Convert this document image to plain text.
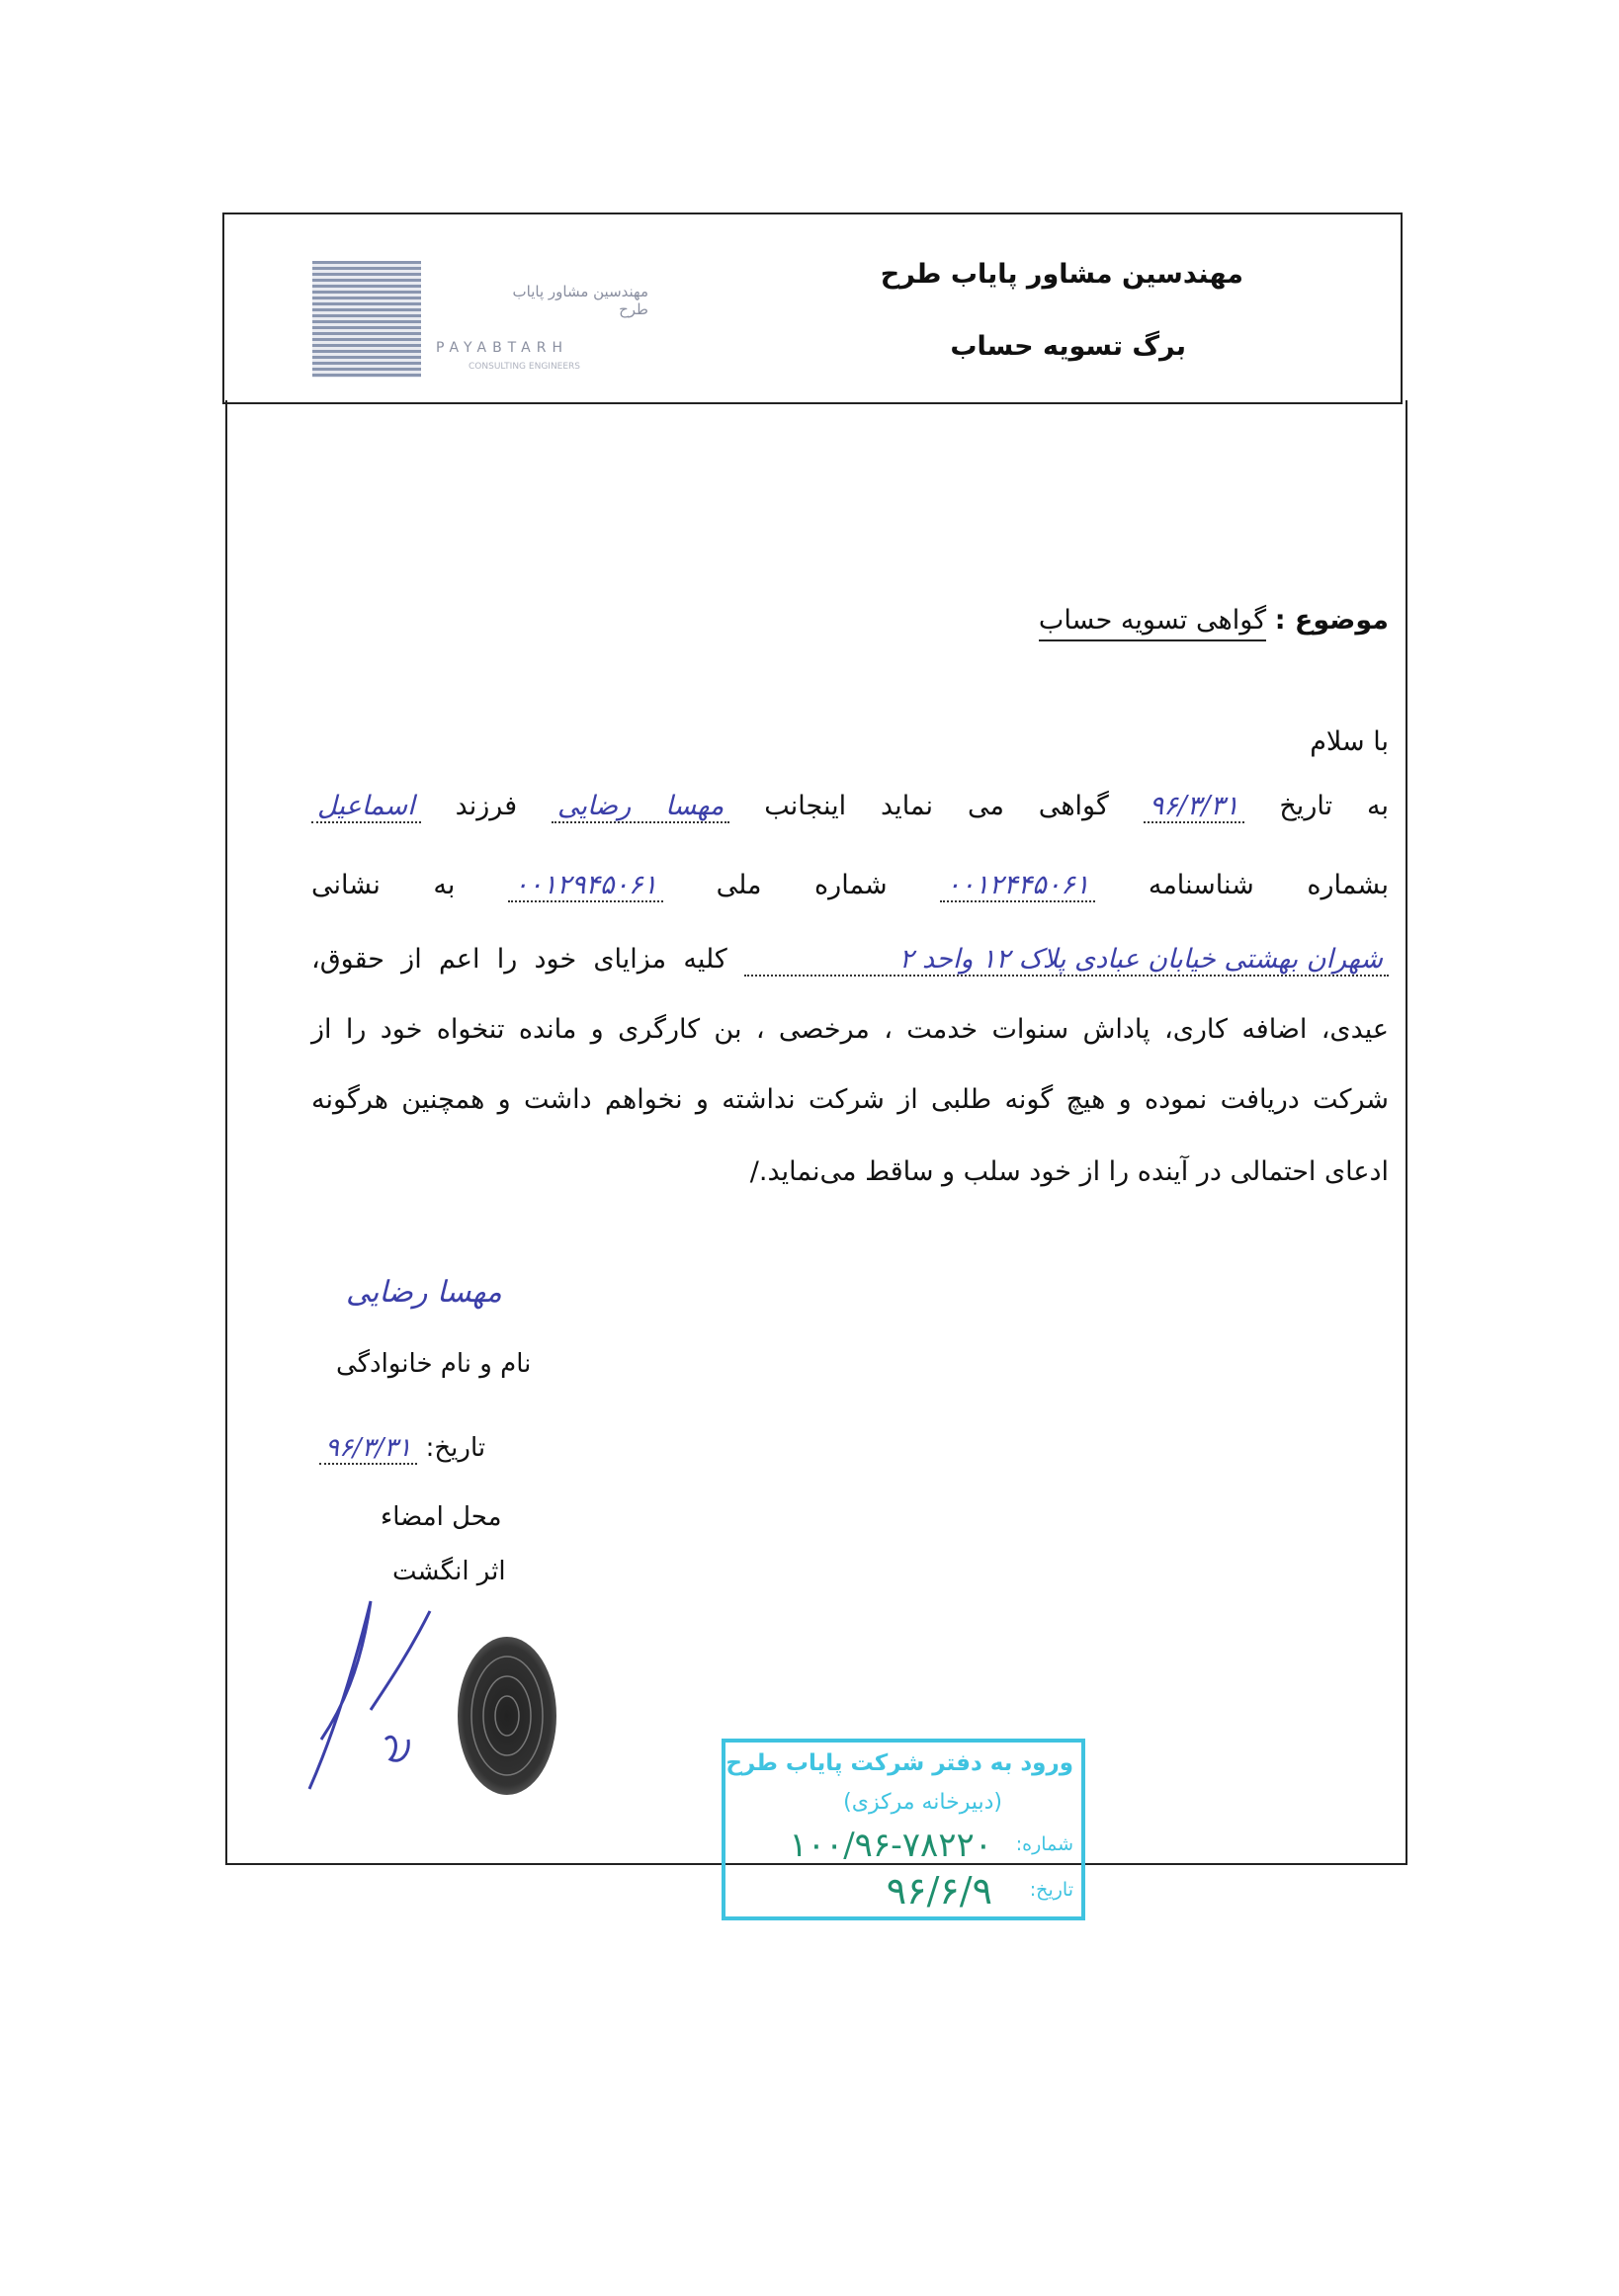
مهندسین مشاور پایاب طرح
برگ تسویه حساب
مهندسین مشاور پایاب طرح
PAYABTARH
CONSULTING ENGINEERS
موضوع : گواهی تسویه حساب
با سلام
به تاریخ ۹۶/۳/۳۱ گواهی می نماید اینجانب مهسا رضایی فرزند اسماعیل
بشماره شناسنامه ۰۰۱۲۴۴۵۰۶۱ شماره ملی ۰۰۱۲۹۴۵۰۶۱ به نشانی
شهران بهشتی خیابان عبادی پلاک ۱۲ واحد ۲ کلیه مزایای خود را اعم از حقوق،
عیدی، اضافه کاری، پاداش سنوات خدمت ، مرخصی ، بن کارگری و مانده تنخواه خود را از
شرکت دریافت نموده و هیچ گونه طلبی از شرکت نداشته و نخواهم داشت و همچنین هرگونه
ادعای احتمالی در آینده را از خود سلب و ساقط می‌نماید./
مهسا رضایی
نام و نام خانوادگی
تاریخ: ۹۶/۳/۳۱
محل امضاء
اثر انگشت
ورود به دفتر شرکت پایاب طرح
(دبیرخانه مرکزی)
شماره:
۱۰۰/۹۶-۷۸۲۲۰
تاریخ:
۹۶/۶/۹
